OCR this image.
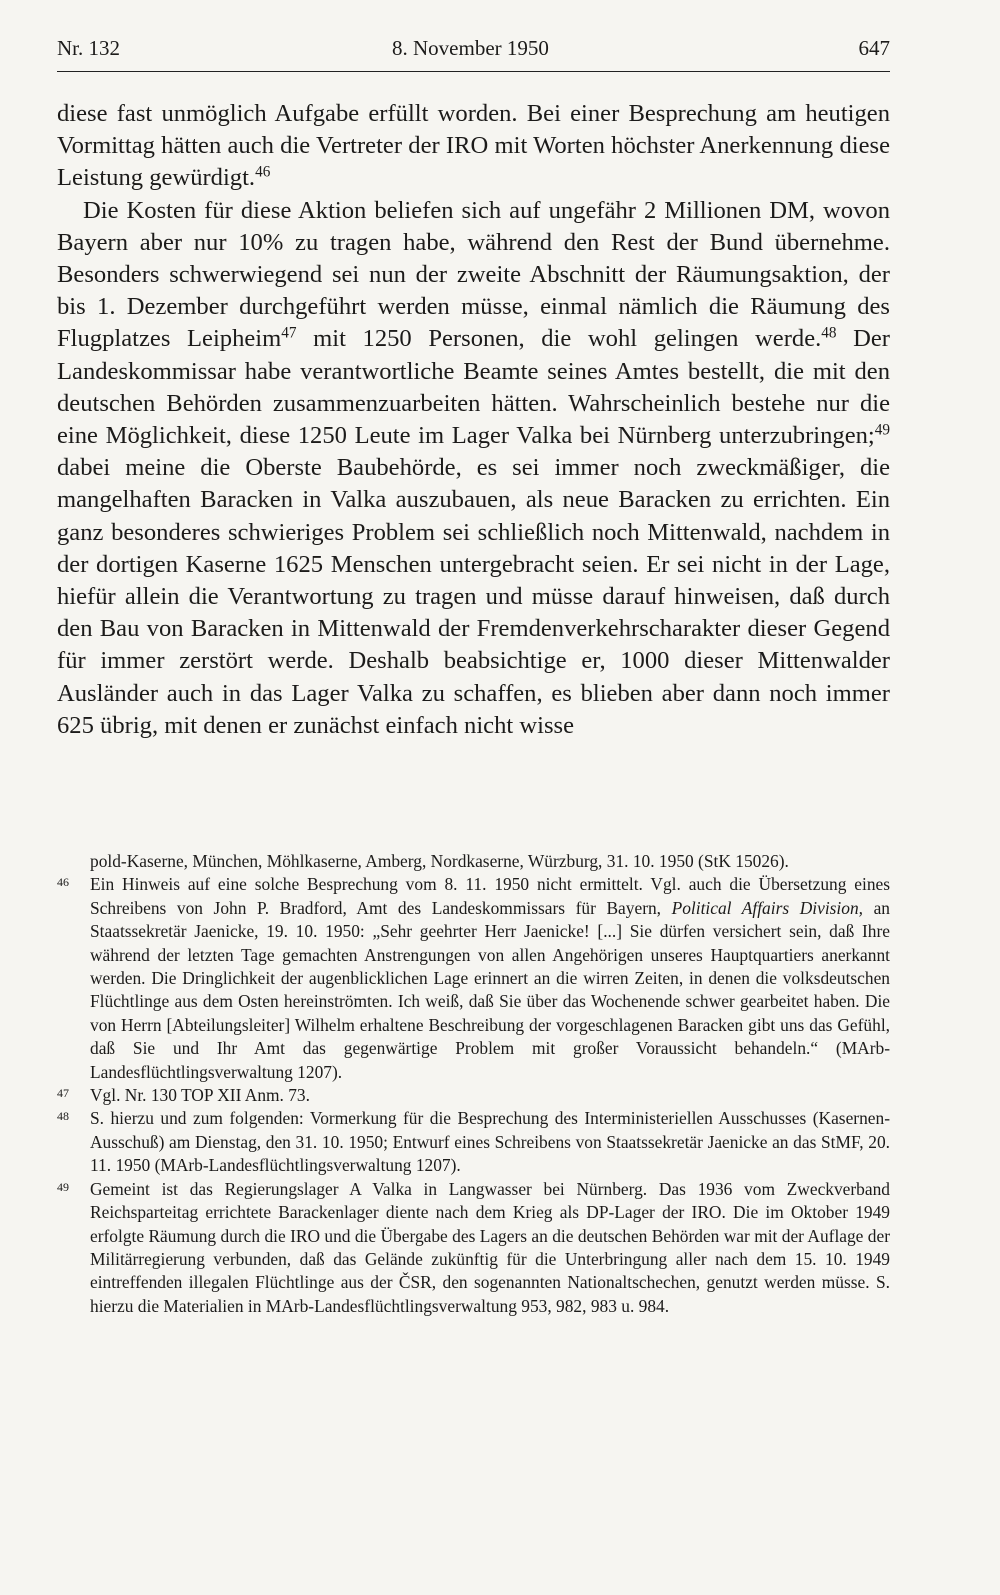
Nr. 132	8. November 1950	647

diese fast unmöglich Aufgabe erfüllt worden. Bei einer Besprechung am heutigen Vormittag hätten auch die Vertreter der IRO mit Worten höchster Anerkennung diese Leistung gewürdigt.$^{46}$

Die Kosten für diese Aktion beliefen sich auf ungefähr 2 Millionen DM, wovon Bayern aber nur 10% zu tragen habe, während den Rest der Bund übernehme. Besonders schwerwiegend sei nun der zweite Abschnitt der Räumungsaktion, der bis 1. Dezember durchgeführt werden müsse, einmal nämlich die Räumung des Flugplatzes Leipheim$^{47}$ mit 1250 Personen, die wohl gelingen werde.$^{48}$ Der Landeskommissar habe verantwortliche Beamte seines Amtes bestellt, die mit den deutschen Behörden zusammenzuarbeiten hätten. Wahrscheinlich bestehe nur die eine Möglichkeit, diese 1250 Leute im Lager Valka bei Nürnberg unterzubringen;$^{49}$ dabei meine die Oberste Baubehörde, es sei immer noch zweckmäßiger, die mangelhaften Baracken in Valka auszubauen, als neue Baracken zu errichten. Ein ganz besonderes schwieriges Problem sei schließlich noch Mittenwald, nachdem in der dortigen Kaserne 1625 Menschen untergebracht seien. Er sei nicht in der Lage, hiefür allein die Verantwortung zu tragen und müsse darauf hinweisen, daß durch den Bau von Baracken in Mittenwald der Fremdenverkehrscharakter dieser Gegend für immer zerstört werde. Deshalb beabsichtige er, 1000 dieser Mittenwalder Ausländer auch in das Lager Valka zu schaffen, es blieben aber dann noch immer 625 übrig, mit denen er zunächst einfach nicht wisse

pold-Kaserne, München, Möhlkaserne, Amberg, Nordkaserne, Würzburg, 31. 10. 1950 (StK 15026).

46 Ein Hinweis auf eine solche Besprechung vom 8. 11. 1950 nicht ermittelt. Vgl. auch die Übersetzung eines Schreibens von John P. Bradford, Amt des Landeskommissars für Bayern, Political Affairs Division, an Staatssekretär Jaenicke, 19. 10. 1950: „Sehr geehrter Herr Jaenicke! [...] Sie dürfen versichert sein, daß Ihre während der letzten Tage gemachten Anstrengungen von allen Angehörigen unseres Hauptquartiers anerkannt werden. Die Dringlichkeit der augenblicklichen Lage erinnert an die wirren Zeiten, in denen die volksdeutschen Flüchtlinge aus dem Osten hereinströmten. Ich weiß, daß Sie über das Wochenende schwer gearbeitet haben. Die von Herrn [Abteilungsleiter] Wilhelm erhaltene Beschreibung der vorgeschlagenen Baracken gibt uns das Gefühl, daß Sie und Ihr Amt das gegenwärtige Problem mit großer Voraussicht behandeln.“ (MArb-Landesflüchtlingsverwaltung 1207).

47 Vgl. Nr. 130 TOP XII Anm. 73.

48 S. hierzu und zum folgenden: Vormerkung für die Besprechung des Interministeriellen Ausschusses (Kasernen-Ausschuß) am Dienstag, den 31. 10. 1950; Entwurf eines Schreibens von Staatssekretär Jaenicke an das StMF, 20. 11. 1950 (MArb-Landesflüchtlingsverwaltung 1207).

49 Gemeint ist das Regierungslager A Valka in Langwasser bei Nürnberg. Das 1936 vom Zweckverband Reichsparteitag errichtete Barackenlager diente nach dem Krieg als DP-Lager der IRO. Die im Oktober 1949 erfolgte Räumung durch die IRO und die Übergabe des Lagers an die deutschen Behörden war mit der Auflage der Militärregierung verbunden, daß das Gelände zukünftig für die Unterbringung aller nach dem 15. 10. 1949 eintreffenden illegalen Flüchtlinge aus der ČSR, den sogenannten Nationaltschechen, genutzt werden müsse. S. hierzu die Materialien in MArb-Landesflüchtlingsverwaltung 953, 982, 983 u. 984.
